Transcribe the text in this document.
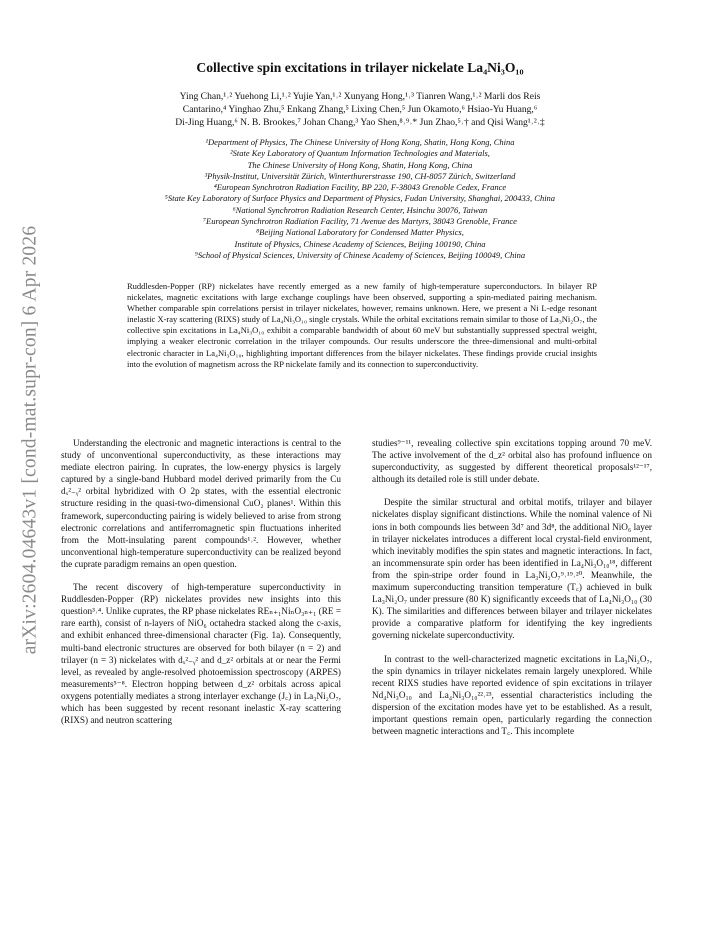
arXiv:2604.04643v1 [cond-mat.supr-con] 6 Apr 2026
Collective spin excitations in trilayer nickelate La₄Ni₃O₁₀
Ying Chan,¹˒² Yuehong Li,¹˒² Yujie Yan,¹˒² Xunyang Hong,¹˒³ Tianren Wang,¹˒² Marli dos Reis
Cantarino,⁴ Yinghao Zhu,⁵ Enkang Zhang,⁵ Lixing Chen,⁵ Jun Okamoto,⁶ Hsiao-Yu Huang,⁶
Di-Jing Huang,⁶ N. B. Brookes,⁷ Johan Chang,³ Yao Shen,⁸˒⁹˒* Jun Zhao,⁵˒† and Qisi Wang¹˒²˒‡
¹Department of Physics, The Chinese University of Hong Kong, Shatin, Hong Kong, China
²State Key Laboratory of Quantum Information Technologies and Materials,
The Chinese University of Hong Kong, Shatin, Hong Kong, China
³Physik-Institut, Universität Zürich, Winterthurerstrasse 190, CH-8057 Zürich, Switzerland
⁴European Synchrotron Radiation Facility, BP 220, F-38043 Grenoble Cedex, France
⁵State Key Laboratory of Surface Physics and Department of Physics, Fudan University, Shanghai, 200433, China
⁶National Synchrotron Radiation Research Center, Hsinchu 30076, Taiwan
⁷European Synchrotron Radiation Facility, 71 Avenue des Martyrs, 38043 Grenoble, France
⁸Beijing National Laboratory for Condensed Matter Physics,
Institute of Physics, Chinese Academy of Sciences, Beijing 100190, China
⁹School of Physical Sciences, University of Chinese Academy of Sciences, Beijing 100049, China
Ruddlesden-Popper (RP) nickelates have recently emerged as a new family of high-temperature superconductors. In bilayer RP nickelates, magnetic excitations with large exchange couplings have been observed, supporting a spin-mediated pairing mechanism. Whether comparable spin correlations persist in trilayer nickelates, however, remains unknown. Here, we present a Ni L-edge resonant inelastic X-ray scattering (RIXS) study of La₄Ni₃O₁₀ single crystals. While the orbital excitations remain similar to those of La₃Ni₂O₇, the collective spin excitations in La₄Ni₃O₁₀ exhibit a comparable bandwidth of about 60 meV but substantially suppressed spectral weight, implying a weaker electronic correlation in the trilayer compounds. Our results underscore the three-dimensional and multi-orbital electronic character in La₄Ni₃O₁₀, highlighting important differences from the bilayer nickelates. These findings provide crucial insights into the evolution of magnetism across the RP nickelate family and its connection to superconductivity.

Understanding the electronic and magnetic interactions is central to the study of unconventional superconductivity, as these interactions may mediate electron pairing. In cuprates, the low-energy physics is largely captured by a single-band Hubbard model derived primarily from the Cu dₓ²₋ᵧ² orbital hybridized with O 2p states, with the essential electronic structure residing in the quasi-two-dimensional CuO₂ planes¹. Within this framework, superconducting pairing is widely believed to arise from strong electronic correlations and antiferromagnetic spin fluctuations inherited from the Mott-insulating parent compounds¹˒². However, whether unconventional high-temperature superconductivity can be realized beyond the cuprate paradigm remains an open question.

The recent discovery of high-temperature superconductivity in Ruddlesden-Popper (RP) nickelates provides new insights into this question³˒⁴. Unlike cuprates, the RP phase nickelates REₙ₊₁NiₙO₃ₙ₊₁ (RE = rare earth), consist of n-layers of NiO₆ octahedra stacked along the c-axis, and exhibit enhanced three-dimensional character (Fig. 1a). Consequently, multi-band electronic structures are observed for both bilayer (n = 2) and trilayer (n = 3) nickelates with dₓ²₋ᵧ² and d_z² orbitals at or near the Fermi level, as revealed by angle-resolved photoemission spectroscopy (ARPES) measurements⁵⁻⁸. Electron hopping between d_z² orbitals across apical oxygens potentially mediates a strong interlayer exchange (J꜀) in La₃Ni₂O₇, which has been suggested by recent resonant inelastic X-ray scattering (RIXS) and neutron scattering

studies⁹⁻¹¹, revealing collective spin excitations topping around 70 meV. The active involvement of the d_z² orbital also has profound influence on superconductivity, as suggested by different theoretical proposals¹²⁻¹⁷, although its detailed role is still under debate.

Despite the similar structural and orbital motifs, trilayer and bilayer nickelates display significant distinctions. While the nominal valence of Ni ions in both compounds lies between 3d⁷ and 3d⁸, the additional NiO₆ layer in trilayer nickelates introduces a different local crystal-field environment, which inevitably modifies the spin states and magnetic interactions. In fact, an incommensurate spin order has been identified in La₄Ni₃O₁₀¹⁸, different from the spin-stripe order found in La₃Ni₂O₇⁹˒¹⁹˒²⁰. Meanwhile, the maximum superconducting transition temperature (T꜀) achieved in bulk La₃Ni₂O₇ under pressure (80 K) significantly exceeds that of La₄Ni₃O₁₀ (30 K). The similarities and differences between bilayer and trilayer nickelates provide a comparative platform for identifying the key ingredients governing nickelate superconductivity.

In contrast to the well-characterized magnetic excitations in La₃Ni₂O₇, the spin dynamics in trilayer nickelates remain largely unexplored. While recent RIXS studies have reported evidence of spin excitations in trilayer Nd₄Ni₃O₁₀ and La₄Ni₃O₁₀²²˒²³, essential characteristics including the dispersion of the excitation modes have yet to be established. As a result, important questions remain open, particularly regarding the connection between magnetic interactions and T꜀. This incomplete
